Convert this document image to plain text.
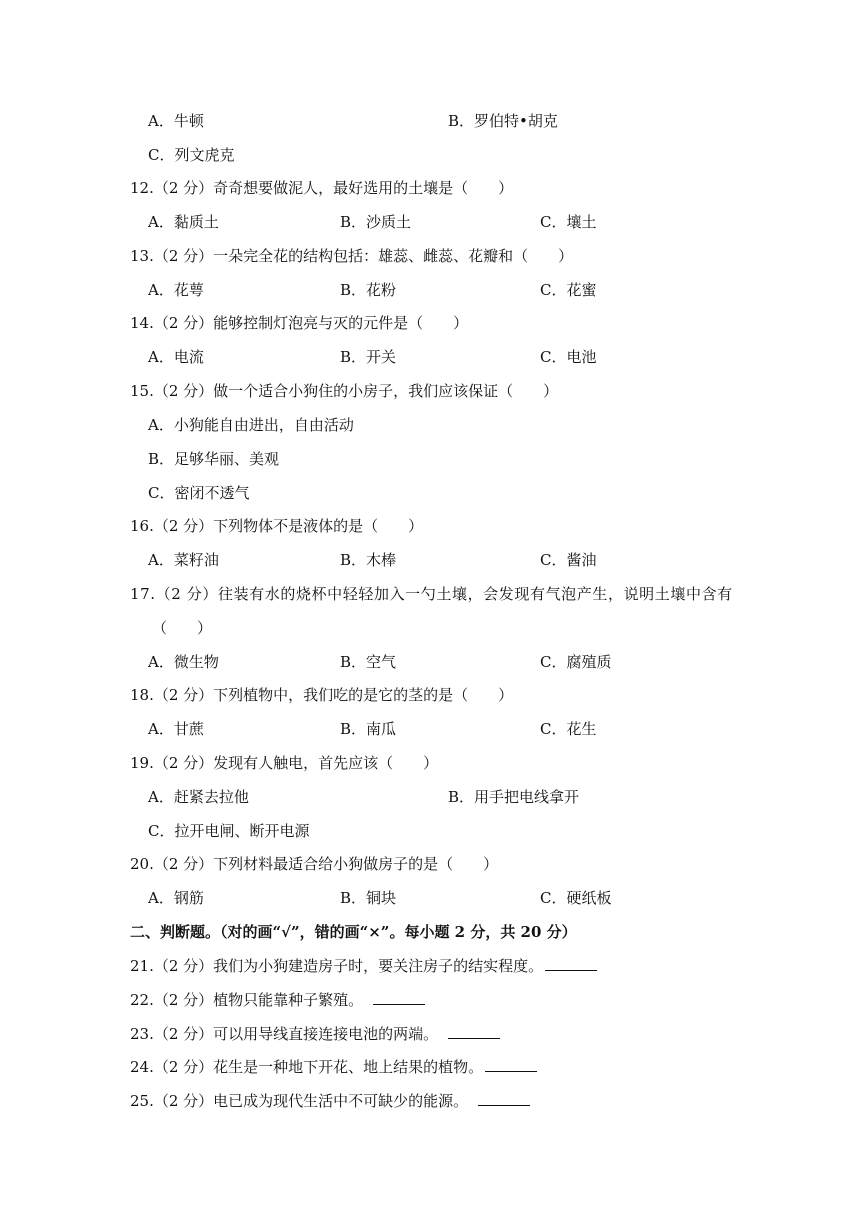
A．牛顿	B．罗伯特•胡克
C．列文虎克
12.（2 分）奇奇想要做泥人，最好选用的土壤是（　　）
A．黏质土	B．沙质土	C．壤土
13.（2 分）一朵完全花的结构包括：雄蕊、雌蕊、花瓣和（　　）
A．花萼	B．花粉	C．花蜜
14.（2 分）能够控制灯泡亮与灭的元件是（　　）
A．电流	B．开关	C．电池
15.（2 分）做一个适合小狗住的小房子，我们应该保证（　　）
A．小狗能自由进出，自由活动
B．足够华丽、美观
C．密闭不透气
16.（2 分）下列物体不是液体的是（　　）
A．菜籽油	B．木棒	C．酱油
17.（2 分）往装有水的烧杯中轻轻加入一勺土壤，会发现有气泡产生，说明土壤中含有
（　　）
A．微生物	B．空气	C．腐殖质
18.（2 分）下列植物中，我们吃的是它的茎的是（　　）
A．甘蔗	B．南瓜	C．花生
19.（2 分）发现有人触电，首先应该（　　）
A．赶紧去拉他	B．用手把电线拿开
C．拉开电闸、断开电源
20.（2 分）下列材料最适合给小狗做房子的是（　　）
A．钢筋	B．铜块	C．硬纸板
二、判断题。（对的画“√”，错的画“×”。每小题 2 分，共 20 分）
21.（2 分）我们为小狗建造房子时，要关注房子的结实程度。
22.（2 分）植物只能靠种子繁殖。
23.（2 分）可以用导线直接连接电池的两端。
24.（2 分）花生是一种地下开花、地上结果的植物。
25.（2 分）电已成为现代生活中不可缺少的能源。
